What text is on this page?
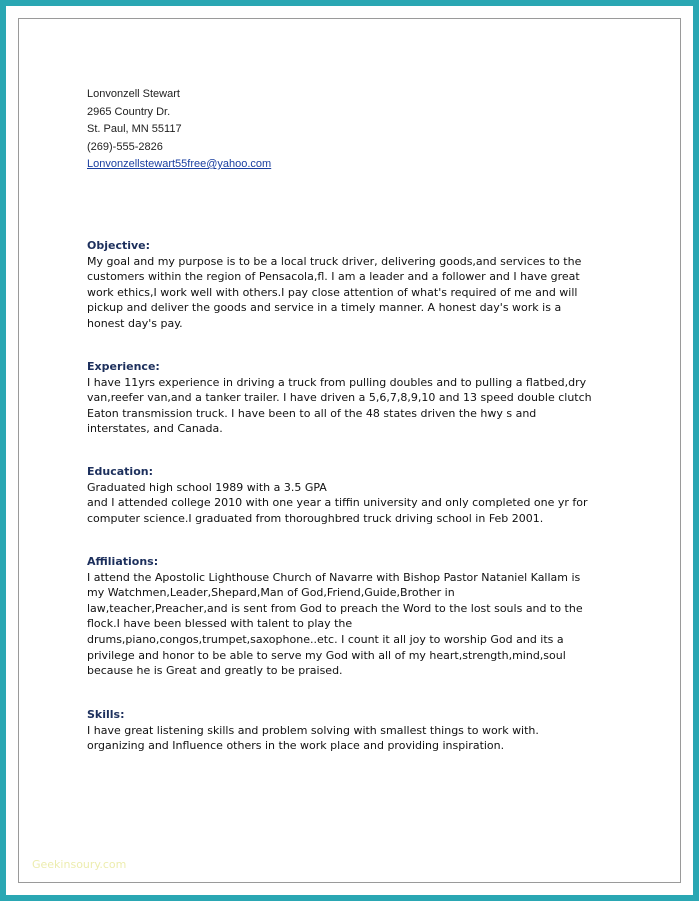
Lonvonzell Stewart
2965 Country Dr.
St. Paul, MN 55117
(269)-555-2826
Lonvonzellstewart55free@yahoo.com
Objective:
My goal and my purpose is to be a local truck driver, delivering goods,and services to the
customers within the region of Pensacola,fl. I am a leader and a follower and I have great
work ethics,I work well with others.I pay close attention of what's required of me and will
pickup and deliver the goods and service in a timely manner. A honest day's work is a
honest day's pay.
Experience:
I have 11yrs experience in driving a truck from pulling doubles and to pulling a flatbed,dry
van,reefer van,and a tanker trailer. I have driven a 5,6,7,8,9,10 and 13 speed double clutch
Eaton transmission truck. I have been to all of the 48 states driven the hwy s and
interstates, and Canada.
Education:
Graduated high school 1989 with a 3.5 GPA
and I attended college 2010 with one year a tiffin university and only completed one yr for
computer science.I graduated from thoroughbred truck driving school in Feb 2001.
Affiliations:
I attend the Apostolic Lighthouse Church of Navarre with Bishop Pastor Nataniel Kallam is
my Watchmen,Leader,Shepard,Man of God,Friend,Guide,Brother in
law,teacher,Preacher,and is sent from God to preach the Word to the lost souls and to the
flock.I have been blessed with talent to play the
drums,piano,congos,trumpet,saxophone..etc. I count it all joy to worship God and its a
privilege and honor to be able to serve my God with all of my heart,strength,mind,soul
because he is Great and greatly to be praised.
Skills:
I have great listening skills and problem solving with smallest things to work with.
organizing and Influence others in the work place and providing inspiration.
Geekinsoury.com
